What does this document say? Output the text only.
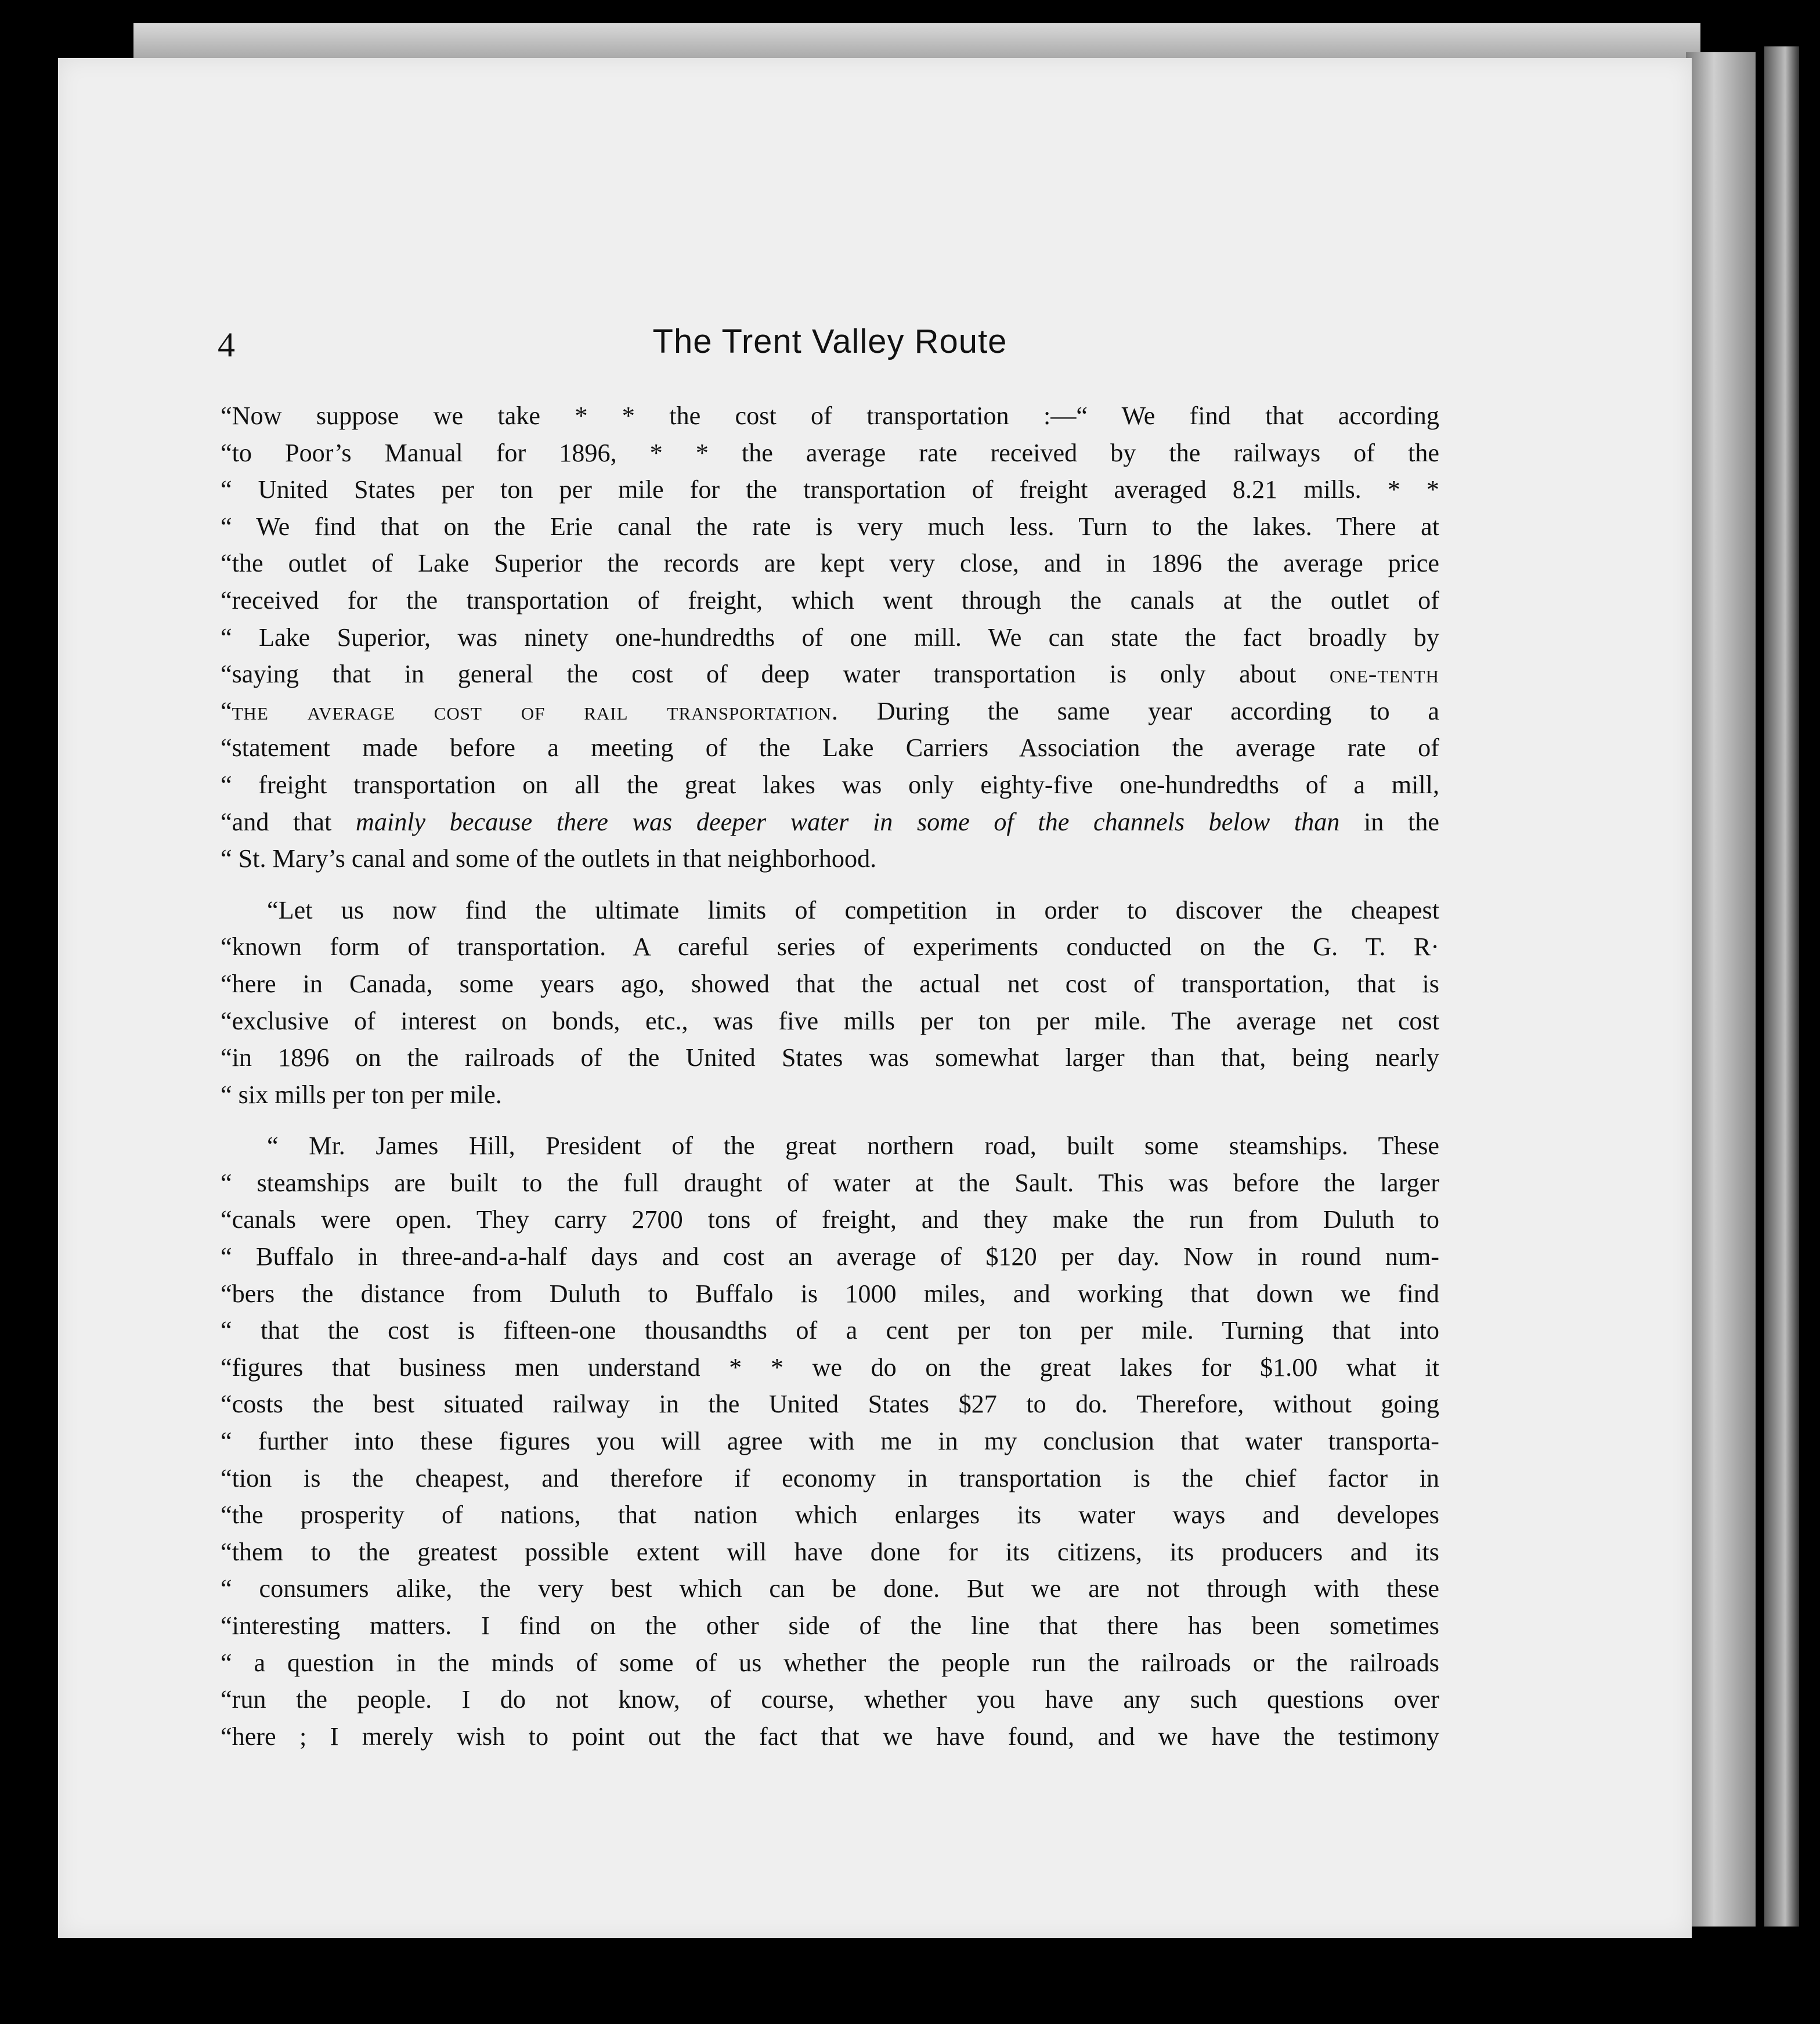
4	The Trent Valley Route

“Now suppose we take * * the cost of transportation :—“ We find that according
“to Poor’s Manual for 1896, * * the average rate received by the railways of the
“ United States per ton per mile for the transportation of freight averaged 8.21 mills. * *
“ We find that on the Erie canal the rate is very much less. Turn to the lakes. There at
“the outlet of Lake Superior the records are kept very close, and in 1896 the average price
“received for the transportation of freight, which went through the canals at the outlet of
“ Lake Superior, was ninety one-hundredths of one mill. We can state the fact broadly by
“saying that in general the cost of deep water transportation is only about one-tenth
“the average cost of rail transportation. During the same year according to a
“statement made before a meeting of the Lake Carriers Association the average rate of
“ freight transportation on all the great lakes was only eighty-five one-hundredths of a mill,
“and that mainly because there was deeper water in some of the channels below than in the
“ St. Mary’s canal and some of the outlets in that neighborhood.
“Let us now find the ultimate limits of competition in order to discover the cheapest
“known form of transportation. A careful series of experiments conducted on the G. T. R·
“here in Canada, some years ago, showed that the actual net cost of transportation, that is
“exclusive of interest on bonds, etc., was five mills per ton per mile. The average net cost
“in 1896 on the railroads of the United States was somewhat larger than that, being nearly
“ six mills per ton per mile.
“ Mr. James Hill, President of the great northern road, built some steamships. These
“ steamships are built to the full draught of water at the Sault. This was before the larger
“canals were open. They carry 2700 tons of freight, and they make the run from Duluth to
“ Buffalo in three-and-a-half days and cost an average of $120 per day. Now in round num-
“bers the distance from Duluth to Buffalo is 1000 miles, and working that down we find
“ that the cost is fifteen-one thousandths of a cent per ton per mile. Turning that into
“figures that business men understand * * we do on the great lakes for $1.00 what it
“costs the best situated railway in the United States $27 to do. Therefore, without going
“ further into these figures you will agree with me in my conclusion that water transporta-
“tion is the cheapest, and therefore if economy in transportation is the chief factor in
“the prosperity of nations, that nation which enlarges its water ways and developes
“them to the greatest possible extent will have done for its citizens, its producers and its
“ consumers alike, the very best which can be done. But we are not through with these
“interesting matters. I find on the other side of the line that there has been sometimes
“ a question in the minds of some of us whether the people run the railroads or the railroads
“run the people. I do not know, of course, whether you have any such questions over
“here ; I merely wish to point out the fact that we have found, and we have the testimony
